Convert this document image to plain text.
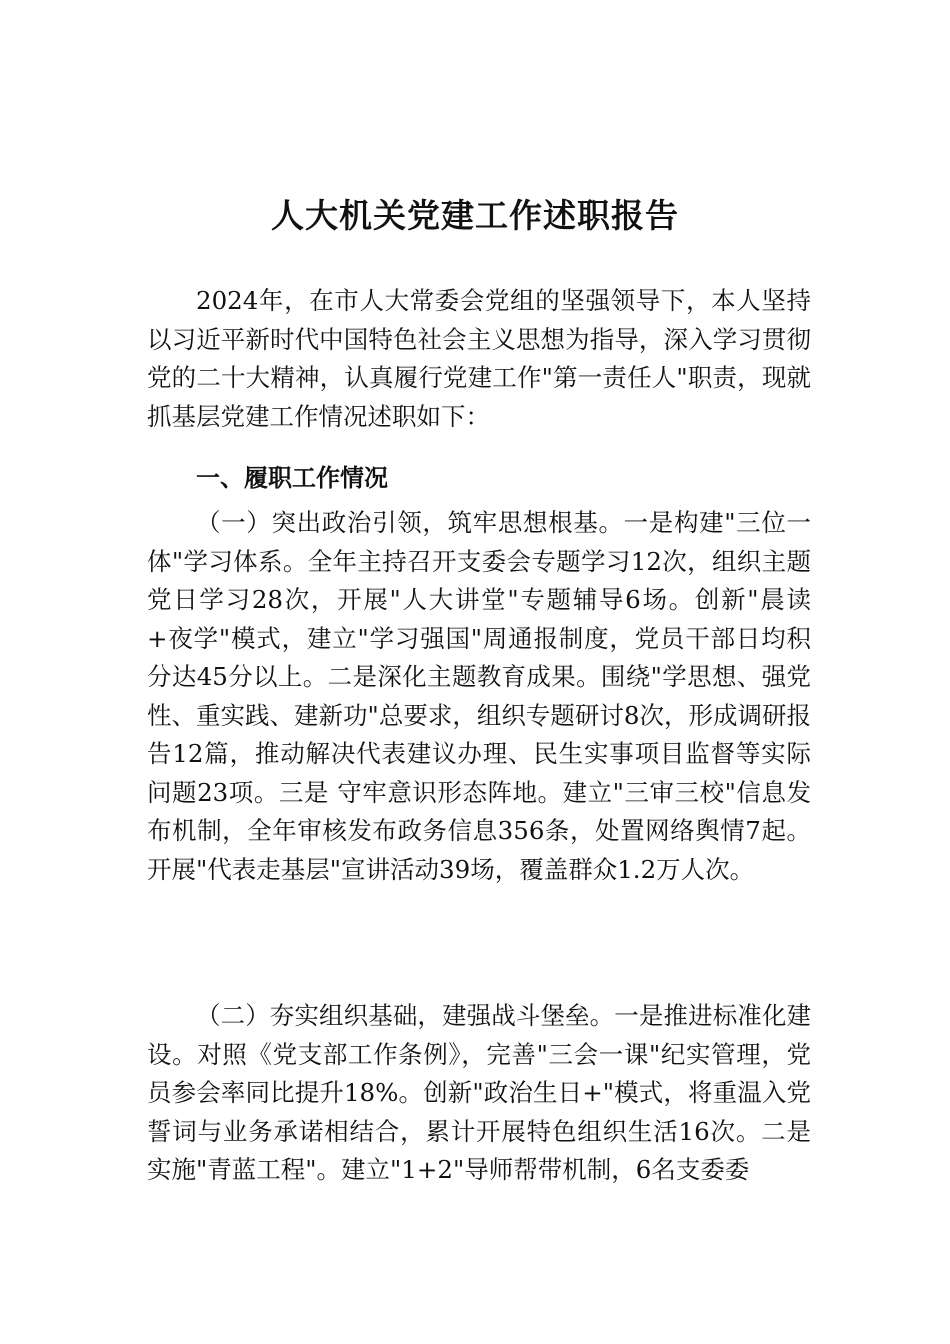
人大机关党建工作述职报告

2024年，在市人大常委会党组的坚强领导下，本人坚持以习近平新时代中国特色社会主义思想为指导，深入学习贯彻党的二十大精神，认真履行党建工作"第一责任人"职责，现就抓基层党建工作情况述职如下：

一、履职工作情况

（一）突出政治引领，筑牢思想根基。一是构建"三位一体"学习体系。全年主持召开支委会专题学习12次，组织主题党日学习28次，开展"人大讲堂"专题辅导6场。创新"晨读+夜学"模式，建立"学习强国"周通报制度，党员干部日均积分达45分以上。二是深化主题教育成果。围绕"学思想、强党性、重实践、建新功"总要求，组织专题研讨8次，形成调研报告12篇，推动解决代表建议办理、民生实事项目监督等实际问题23项。三是 守牢意识形态阵地。建立"三审三校"信息发布机制，全年审核发布政务信息356条，处置网络舆情7起。开展"代表走基层"宣讲活动39场，覆盖群众1.2万人次。

（二）夯实组织基础，建强战斗堡垒。一是推进标准化建设。对照《党支部工作条例》，完善"三会一课"纪实管理，党员参会率同比提升18%。创新"政治生日+"模式，将重温入党誓词与业务承诺相结合，累计开展特色组织生活16次。二是实施"青蓝工程"。建立"1+2"导师帮带机制，6名支委委
